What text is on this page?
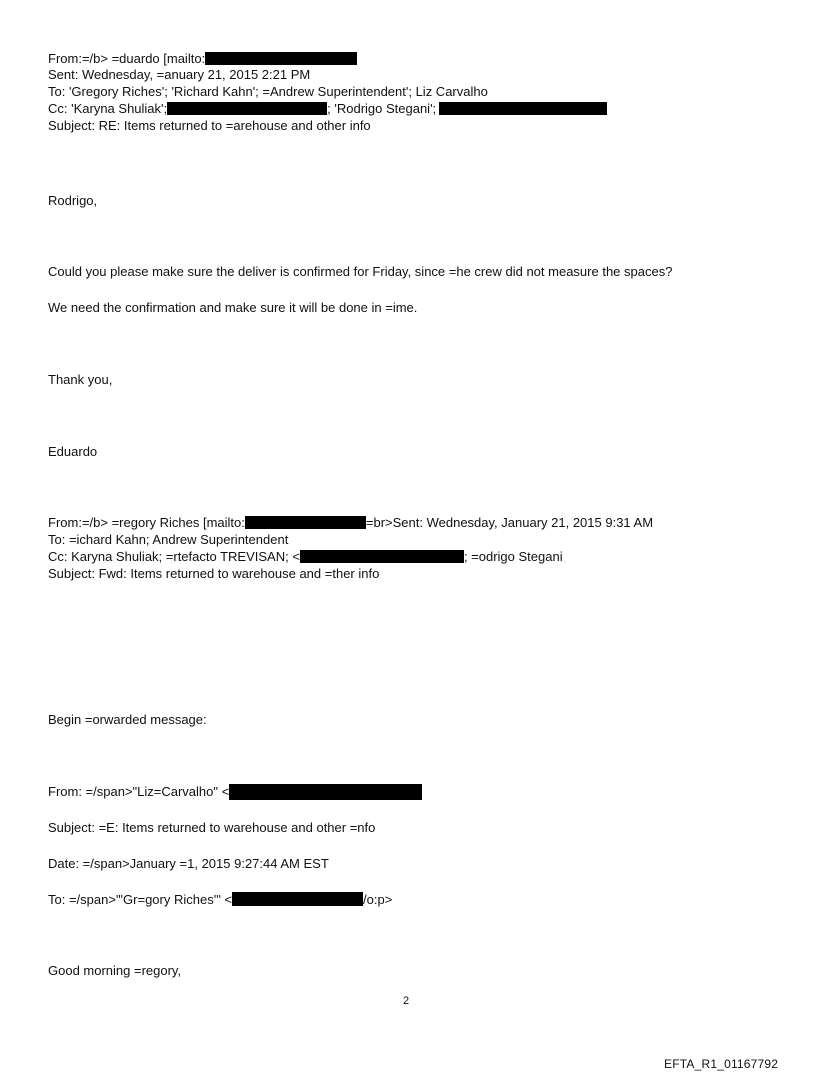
From:=/b> =duardo [mailto:
Sent: Wednesday, =anuary 21, 2015 2:21 PM
To: 'Gregory Riches'; 'Richard Kahn'; =Andrew Superintendent'; Liz Carvalho
Cc: 'Karyna Shuliak';	; 'Rodrigo Stegani';
Subject: RE: Items returned to =arehouse and other info
Rodrigo,
Could you please make sure the deliver is confirmed for Friday, since =he crew did not measure the spaces?
We need the confirmation and make sure it will be done in =ime.
Thank you,
Eduardo
From:=/b> =regory Riches [mailto:	=br>Sent: Wednesday, January 21, 2015 9:31 AM
To: =ichard Kahn; Andrew Superintendent
Cc: Karyna Shuliak; =rtefacto TREVISAN; <	; =odrigo Stegani
Subject: Fwd: Items returned to warehouse and =ther info
Begin =orwarded message:
From: =/span>"Liz=Carvalho" <
Subject: =E: Items returned to warehouse and other =nfo
Date: =/span>January =1, 2015 9:27:44 AM EST
To: =/span>"'Gr=gory Riches'" <	/o:p>
Good morning =regory,
2
EFTA_R1_01167792
